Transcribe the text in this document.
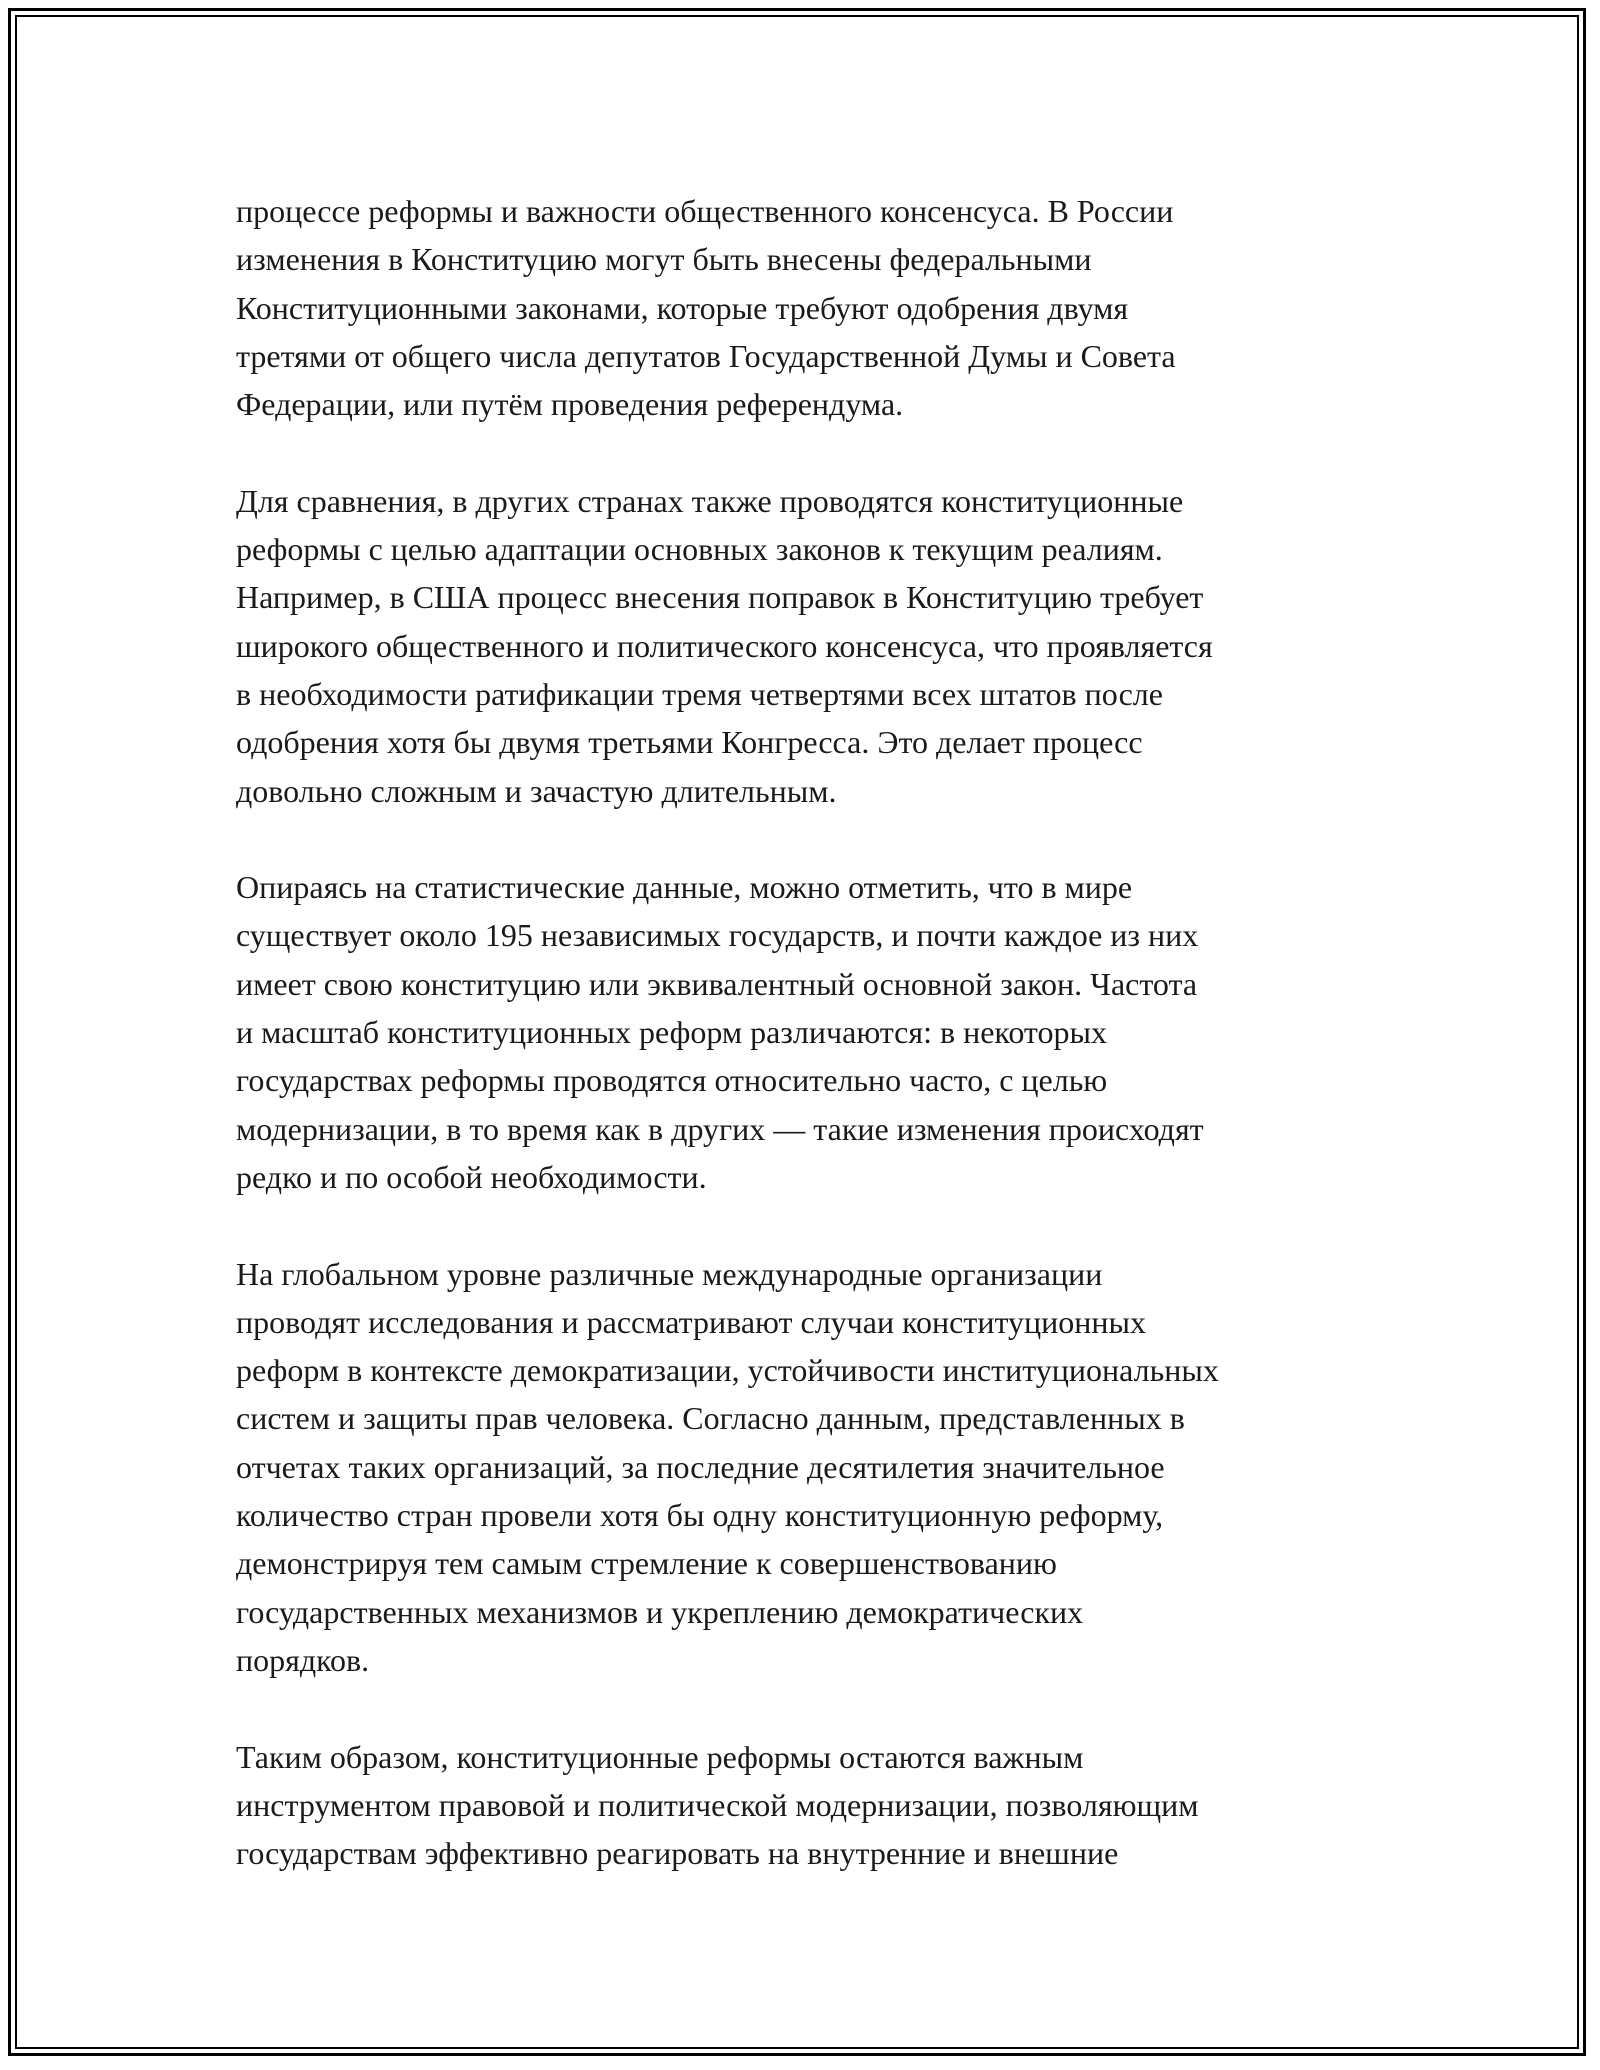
процессе реформы и важности общественного консенсуса. В России
изменения в Конституцию могут быть внесены федеральными
Конституционными законами, которые требуют одобрения двумя
третями от общего числа депутатов Государственной Думы и Совета
Федерации, или путём проведения референдума.

Для сравнения, в других странах также проводятся конституционные
реформы с целью адаптации основных законов к текущим реалиям.
Например, в США процесс внесения поправок в Конституцию требует
широкого общественного и политического консенсуса, что проявляется
в необходимости ратификации тремя четвертями всех штатов после
одобрения хотя бы двумя третьями Конгресса. Это делает процесс
довольно сложным и зачастую длительным.

Опираясь на статистические данные, можно отметить, что в мире
существует около 195 независимых государств, и почти каждое из них
имеет свою конституцию или эквивалентный основной закон. Частота
и масштаб конституционных реформ различаются: в некоторых
государствах реформы проводятся относительно часто, с целью
модернизации, в то время как в других — такие изменения происходят
редко и по особой необходимости.

На глобальном уровне различные международные организации
проводят исследования и рассматривают случаи конституционных
реформ в контексте демократизации, устойчивости институциональных
систем и защиты прав человека. Согласно данным, представленных в
отчетах таких организаций, за последние десятилетия значительное
количество стран провели хотя бы одну конституционную реформу,
демонстрируя тем самым стремление к совершенствованию
государственных механизмов и укреплению демократических
порядков.

Таким образом, конституционные реформы остаются важным
инструментом правовой и политической модернизации, позволяющим
государствам эффективно реагировать на внутренние и внешние
